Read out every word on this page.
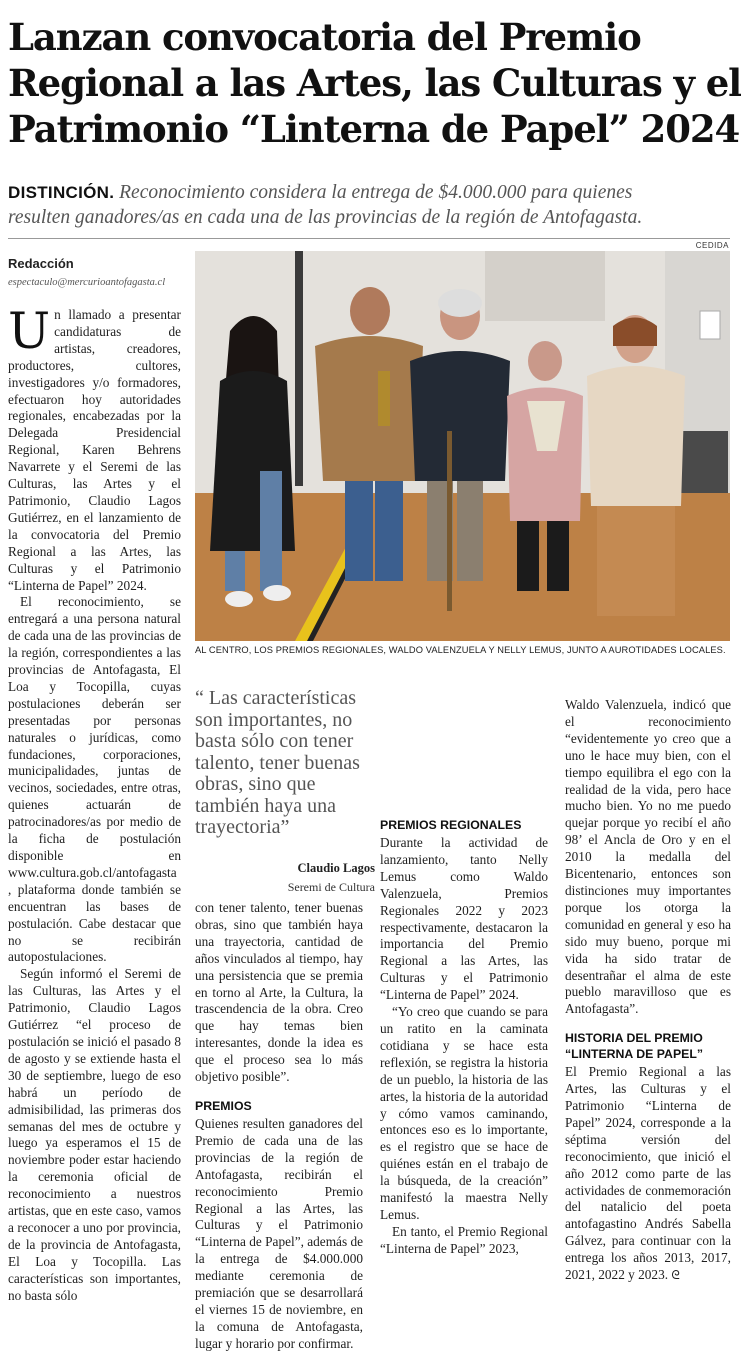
Lanzan convocatoria del Premio
Regional a las Artes, las Culturas y el
Patrimonio “Linterna de Papel” 2024
DISTINCIÓN. Reconocimiento considera la entrega de $4.000.000 para quienes
resulten ganadores/as en cada una de las provincias de la región de Antofagasta.
Redacción
espectaculo@mercurioantofagasta.cl
CEDIDA
AL CENTRO, LOS PREMIOS REGIONALES, WALDO VALENZUELA Y NELLY LEMUS, JUNTO A AUROTIDADES LOCALES.

Un llamado a presentar candidaturas de artistas, creadores, productores, cultores, investigadores y/o formadores, efectuaron hoy autoridades regionales, encabezadas por la Delegada Presidencial Regional, Karen Behrens Navarrete y el Seremi de las Culturas, las Artes y el Patrimonio, Claudio Lagos Gutiérrez, en el lanzamiento de la convocatoria del Premio Regional a las Artes, las Culturas y el Patrimonio “Linterna de Papel” 2024.

El reconocimiento, se entregará a una persona natural de cada una de las provincias de la región, correspondientes a las provincias de Antofagasta, El Loa y Tocopilla, cuyas postulaciones deberán ser presentadas por personas naturales o jurídicas, como fundaciones, corporaciones, municipalidades, juntas de vecinos, sociedades, entre otras, quienes actuarán de patrocinadores/as por medio de la ficha de postulación disponible en www.cultura.gob.cl/antofagasta , plataforma donde también se encuentran las bases de postulación. Cabe destacar que no se recibirán autopostulaciones.

Según informó el Seremi de las Culturas, las Artes y el Patrimonio, Claudio Lagos Gutiérrez “el proceso de postulación se inició el pasado 8 de agosto y se extiende hasta el 30 de septiembre, luego de eso habrá un período de admisibilidad, las primeras dos semanas del mes de octubre y luego ya esperamos el 15 de noviembre poder estar haciendo la ceremonia oficial de reconocimiento a nuestros artistas, que en este caso, vamos a reconocer a uno por provincia, de la provincia de Antofagasta, El Loa y Tocopilla. Las características son importantes, no basta sólo

“ Las características son importantes, no basta sólo con tener talento, tener buenas obras, sino que también haya una trayectoria”
Claudio Lagos
Seremi de Cultura

con tener talento, tener buenas obras, sino que también haya una trayectoria, cantidad de años vinculados al tiempo, hay una persistencia que se premia en torno al Arte, la Cultura, la trascendencia de la obra. Creo que hay temas bien interesantes, donde la idea es que el proceso sea lo más objetivo posible”.

PREMIOS

Quienes resulten ganadores del Premio de cada una de las provincias de la región de Antofagasta, recibirán el reconocimiento Premio Regional a las Artes, las Culturas y el Patrimonio “Linterna de Papel”, además de la entrega de $4.000.000 mediante ceremonia de premiación que se desarrollará el viernes 15 de noviembre, en la comuna de Antofagasta, lugar y horario por confirmar.

PREMIOS REGIONALES

Durante la actividad de lanzamiento, tanto Nelly Lemus como Waldo Valenzuela, Premios Regionales 2022 y 2023 respectivamente, destacaron la importancia del Premio Regional a las Artes, las Culturas y el Patrimonio “Linterna de Papel” 2024.

“Yo creo que cuando se para un ratito en la caminata cotidiana y se hace esta reflexión, se registra la historia de un pueblo, la historia de las artes, la historia de la autoridad y cómo vamos caminando, entonces eso es lo importante, es el registro que se hace de quiénes están en el trabajo de la búsqueda, de la creación” manifestó la maestra Nelly Lemus.

En tanto, el Premio Regional “Linterna de Papel” 2023,

Waldo Valenzuela, indicó que el reconocimiento “evidentemente yo creo que a uno le hace muy bien, con el tiempo equilibra el ego con la realidad de la vida, pero hace mucho bien. Yo no me puedo quejar porque yo recibí el año 98’ el Ancla de Oro y en el 2010 la medalla del Bicentenario, entonces son distinciones muy importantes porque los otorga la comunidad en general y eso ha sido muy bueno, porque mi vida ha sido tratar de desentrañar el alma de este pueblo maravilloso que es Antofagasta”.

HISTORIA DEL PREMIO “LINTERNA DE PAPEL”

El Premio Regional a las Artes, las Culturas y el Patrimonio “Linterna de Papel” 2024, corresponde a la séptima versión del reconocimiento, que inició el año 2012 como parte de las actividades de conmemoración del natalicio del poeta antofagastino Andrés Sabella Gálvez, para continuar con la entrega los años 2013, 2017, 2021, 2022 y 2023. ᘓ
